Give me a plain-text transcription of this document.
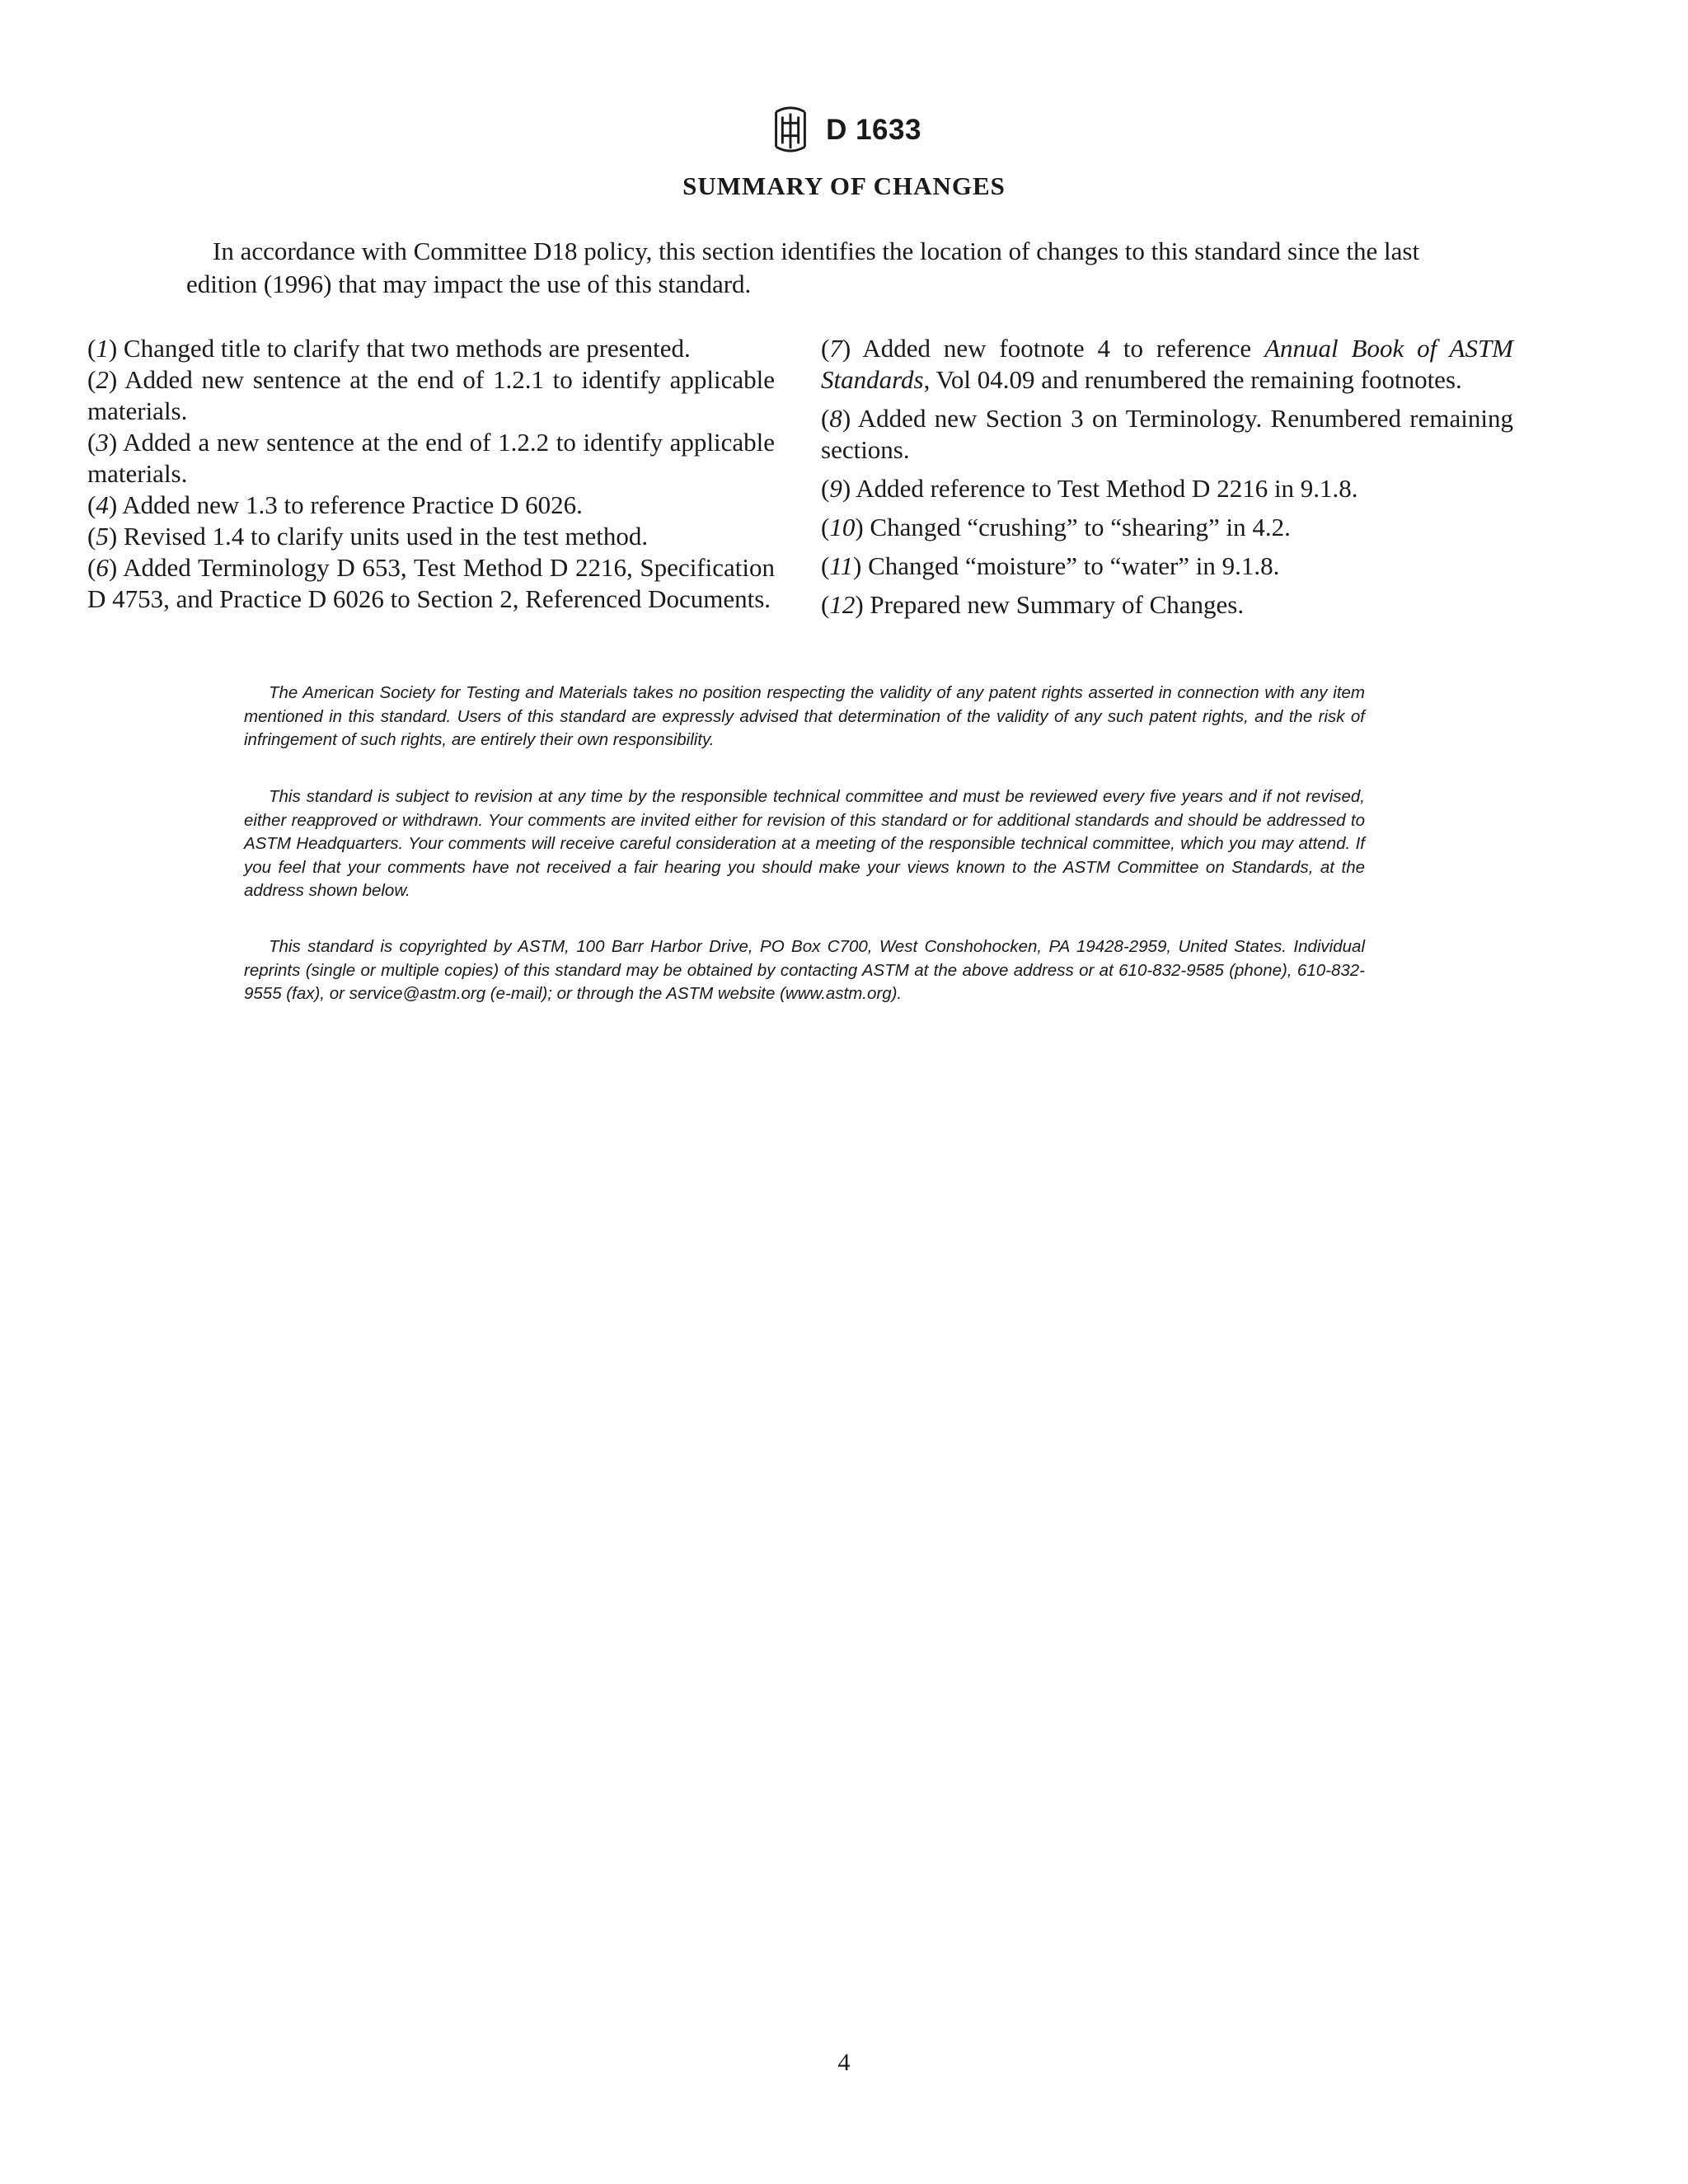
D 1633
SUMMARY OF CHANGES

In accordance with Committee D18 policy, this section identifies the location of changes to this standard since the last edition (1996) that may impact the use of this standard.

(1) Changed title to clarify that two methods are presented.
(2) Added new sentence at the end of 1.2.1 to identify applicable materials.
(3) Added a new sentence at the end of 1.2.2 to identify applicable materials.
(4) Added new 1.3 to reference Practice D 6026.
(5) Revised 1.4 to clarify units used in the test method.
(6) Added Terminology D 653, Test Method D 2216, Specification D 4753, and Practice D 6026 to Section 2, Referenced Documents.
(7) Added new footnote 4 to reference Annual Book of ASTM Standards, Vol 04.09 and renumbered the remaining footnotes.
(8) Added new Section 3 on Terminology. Renumbered remaining sections.
(9) Added reference to Test Method D 2216 in 9.1.8.
(10) Changed “crushing” to “shearing” in 4.2.
(11) Changed “moisture” to “water” in 9.1.8.
(12) Prepared new Summary of Changes.

The American Society for Testing and Materials takes no position respecting the validity of any patent rights asserted in connection with any item mentioned in this standard. Users of this standard are expressly advised that determination of the validity of any such patent rights, and the risk of infringement of such rights, are entirely their own responsibility.

This standard is subject to revision at any time by the responsible technical committee and must be reviewed every five years and if not revised, either reapproved or withdrawn. Your comments are invited either for revision of this standard or for additional standards and should be addressed to ASTM Headquarters. Your comments will receive careful consideration at a meeting of the responsible technical committee, which you may attend. If you feel that your comments have not received a fair hearing you should make your views known to the ASTM Committee on Standards, at the address shown below.

This standard is copyrighted by ASTM, 100 Barr Harbor Drive, PO Box C700, West Conshohocken, PA 19428-2959, United States. Individual reprints (single or multiple copies) of this standard may be obtained by contacting ASTM at the above address or at 610-832-9585 (phone), 610-832-9555 (fax), or service@astm.org (e-mail); or through the ASTM website (www.astm.org).

4
